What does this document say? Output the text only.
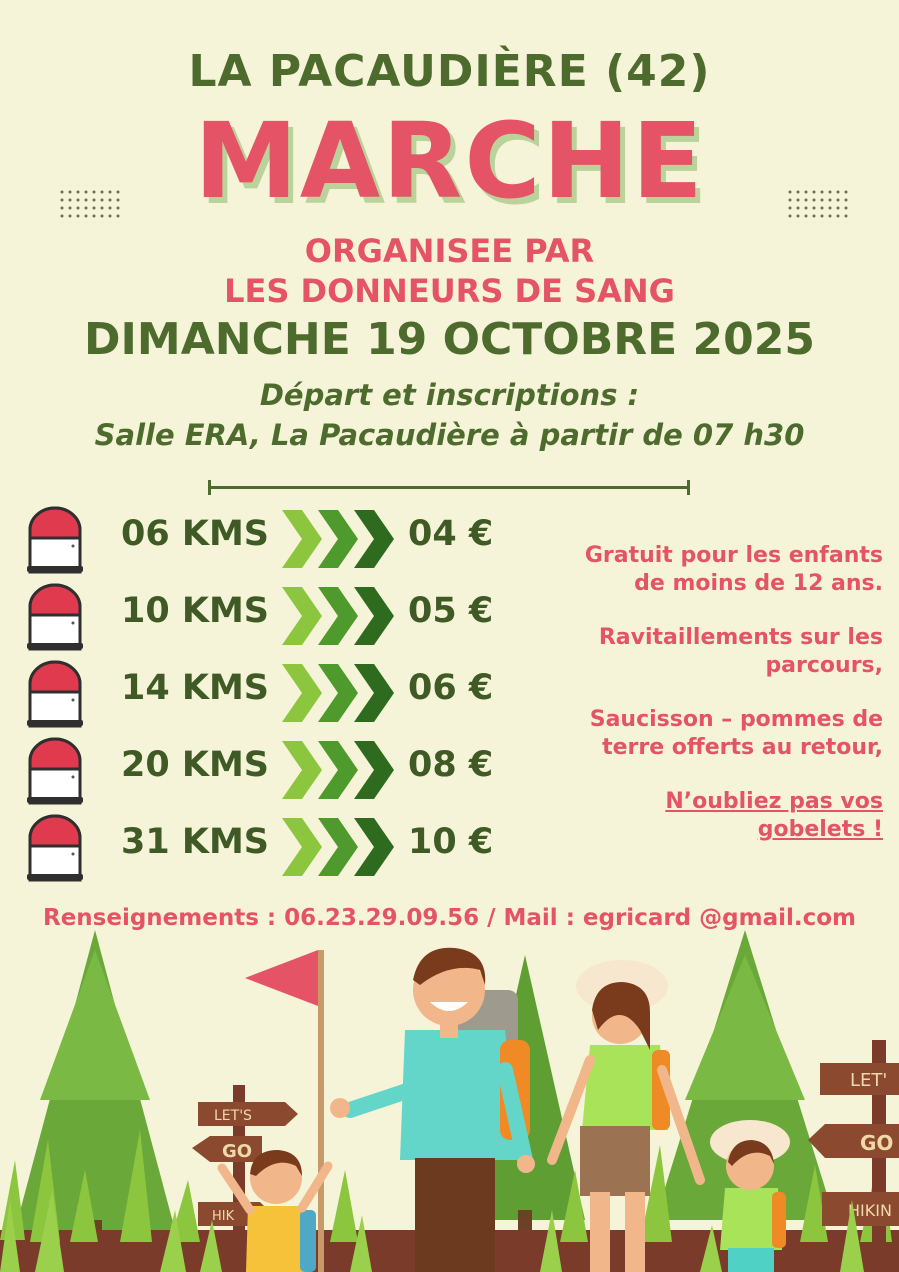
LA PACAUDIÈRE (42)
MARCHE
ORGANISEE PAR
LES DONNEURS DE SANG
DIMANCHE 19 OCTOBRE 2025
Départ et inscriptions :
Salle ERA, La Pacaudière à partir de 07 h30
06 KMS	04 €
10 KMS	05 €
14 KMS	06 €
20 KMS	08 €
31 KMS	10 €
Gratuit pour les enfants
de moins de 12 ans.
Ravitaillements sur les
parcours,
Saucisson – pommes de
terre offerts au retour,
N’oubliez pas vos
gobelets !
LET'S
GO
HIK
LET'
GO
HIKIN
Renseignements : 06.23.29.09.56 / Mail : egricard @gmail.com
